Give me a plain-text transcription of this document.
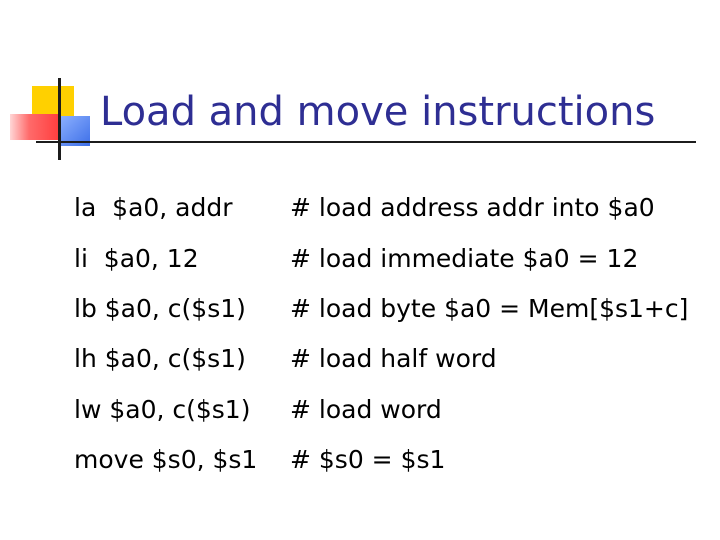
Load and move instructions
la  $a0, addr # load address addr into $a0
li  $a0, 12	# load immediate $a0 = 12
lb $a0, c($s1) # load byte $a0 = Mem[$s1+c]
lh $a0, c($s1) # load half word
lw $a0, c($s1) # load word
move $s0, $s1 # $s0 = $s1
